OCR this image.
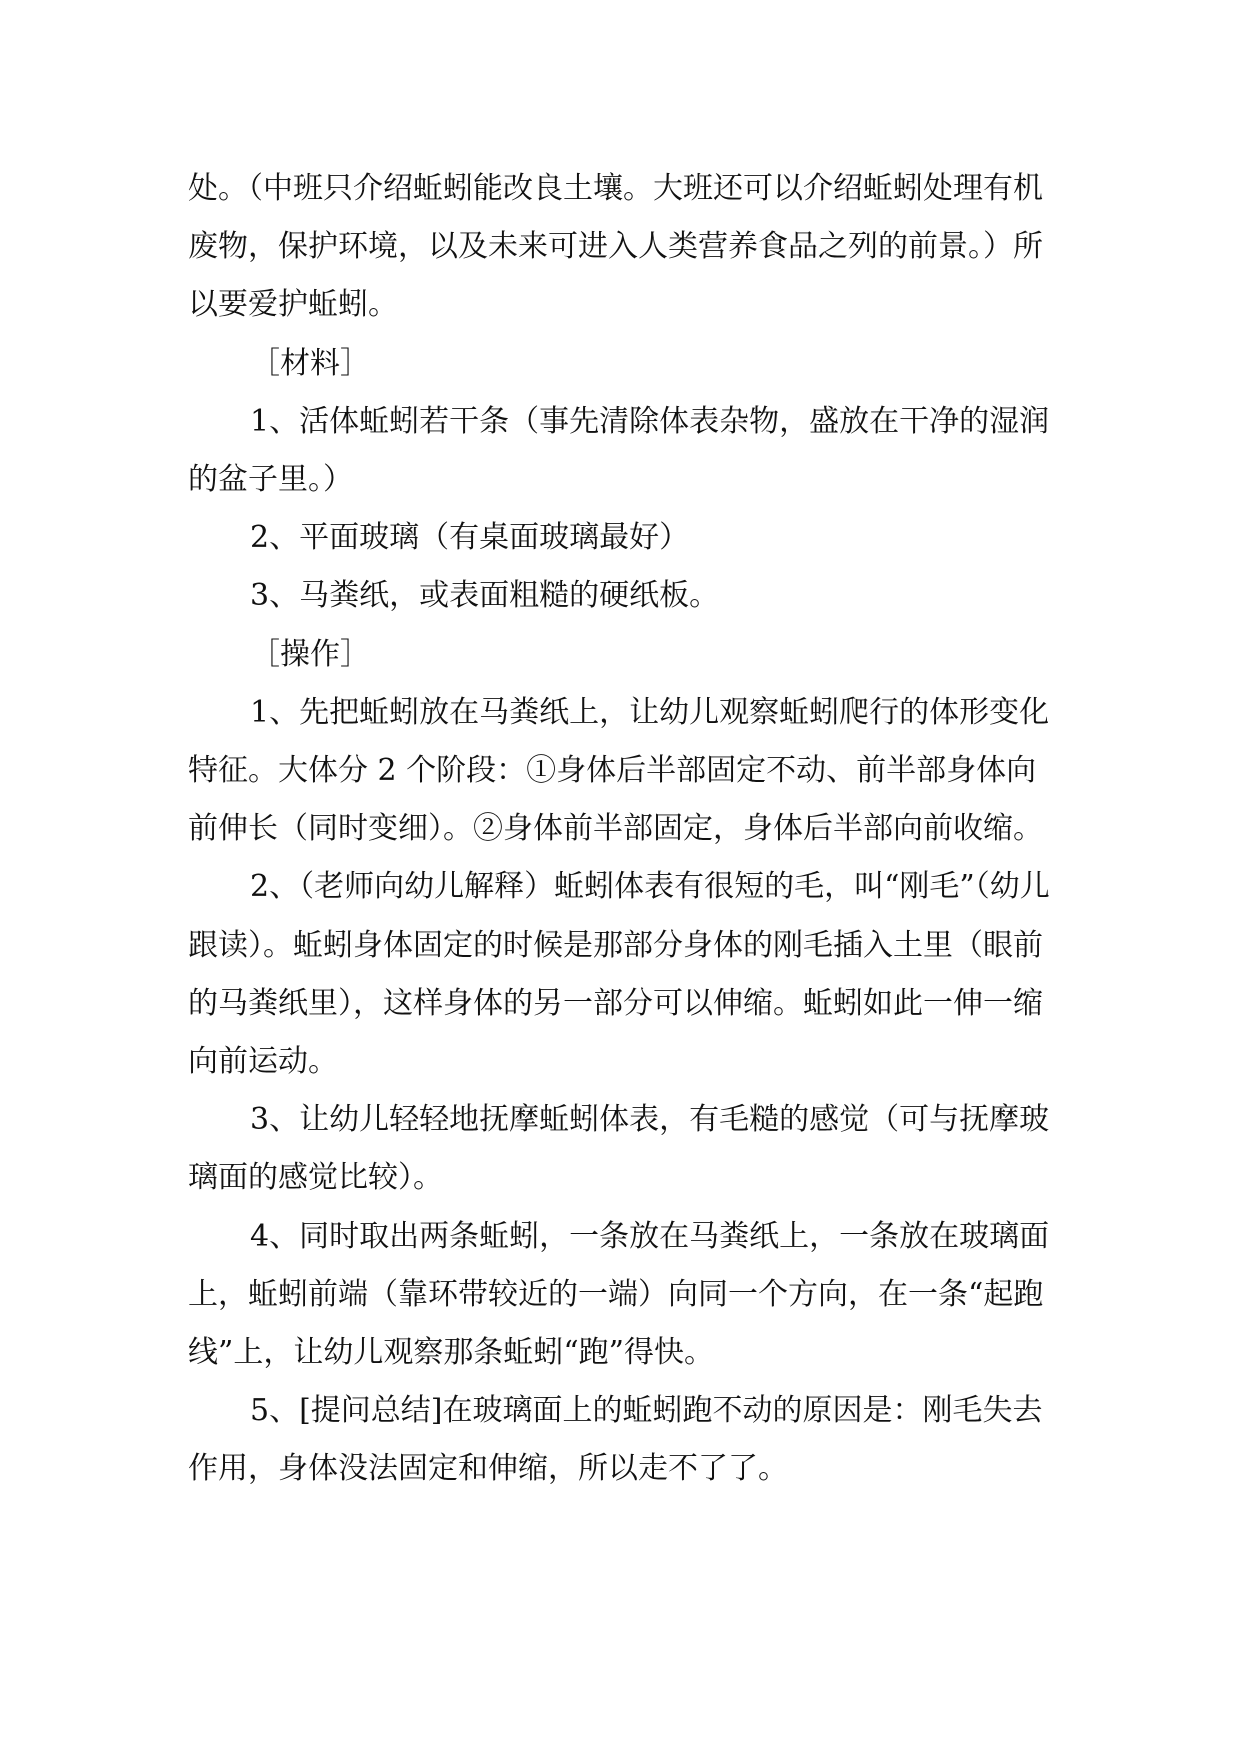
处。（中班只介绍蚯蚓能改良土壤。大班还可以介绍蚯蚓处理有机废物，保护环境，以及未来可进入人类营养食品之列的前景。）所以要爱护蚯蚓。

［材料］

1、活体蚯蚓若干条（事先清除体表杂物，盛放在干净的湿润的盆子里。）

2、平面玻璃（有桌面玻璃最好）

3、马粪纸，或表面粗糙的硬纸板。

［操作］

1、先把蚯蚓放在马粪纸上，让幼儿观察蚯蚓爬行的体形变化特征。大体分 2 个阶段：①身体后半部固定不动、前半部身体向前伸长（同时变细）。②身体前半部固定，身体后半部向前收缩。

2、（老师向幼儿解释）蚯蚓体表有很短的毛，叫“刚毛”（幼儿跟读）。蚯蚓身体固定的时候是那部分身体的刚毛插入土里（眼前的马粪纸里），这样身体的另一部分可以伸缩。蚯蚓如此一伸一缩向前运动。

3、让幼儿轻轻地抚摩蚯蚓体表，有毛糙的感觉（可与抚摩玻璃面的感觉比较）。

4、同时取出两条蚯蚓，一条放在马粪纸上，一条放在玻璃面上，蚯蚓前端（靠环带较近的一端）向同一个方向，在一条“起跑线”上，让幼儿观察那条蚯蚓“跑”得快。

5、[提问总结]在玻璃面上的蚯蚓跑不动的原因是：刚毛失去作用，身体没法固定和伸缩，所以走不了了。
